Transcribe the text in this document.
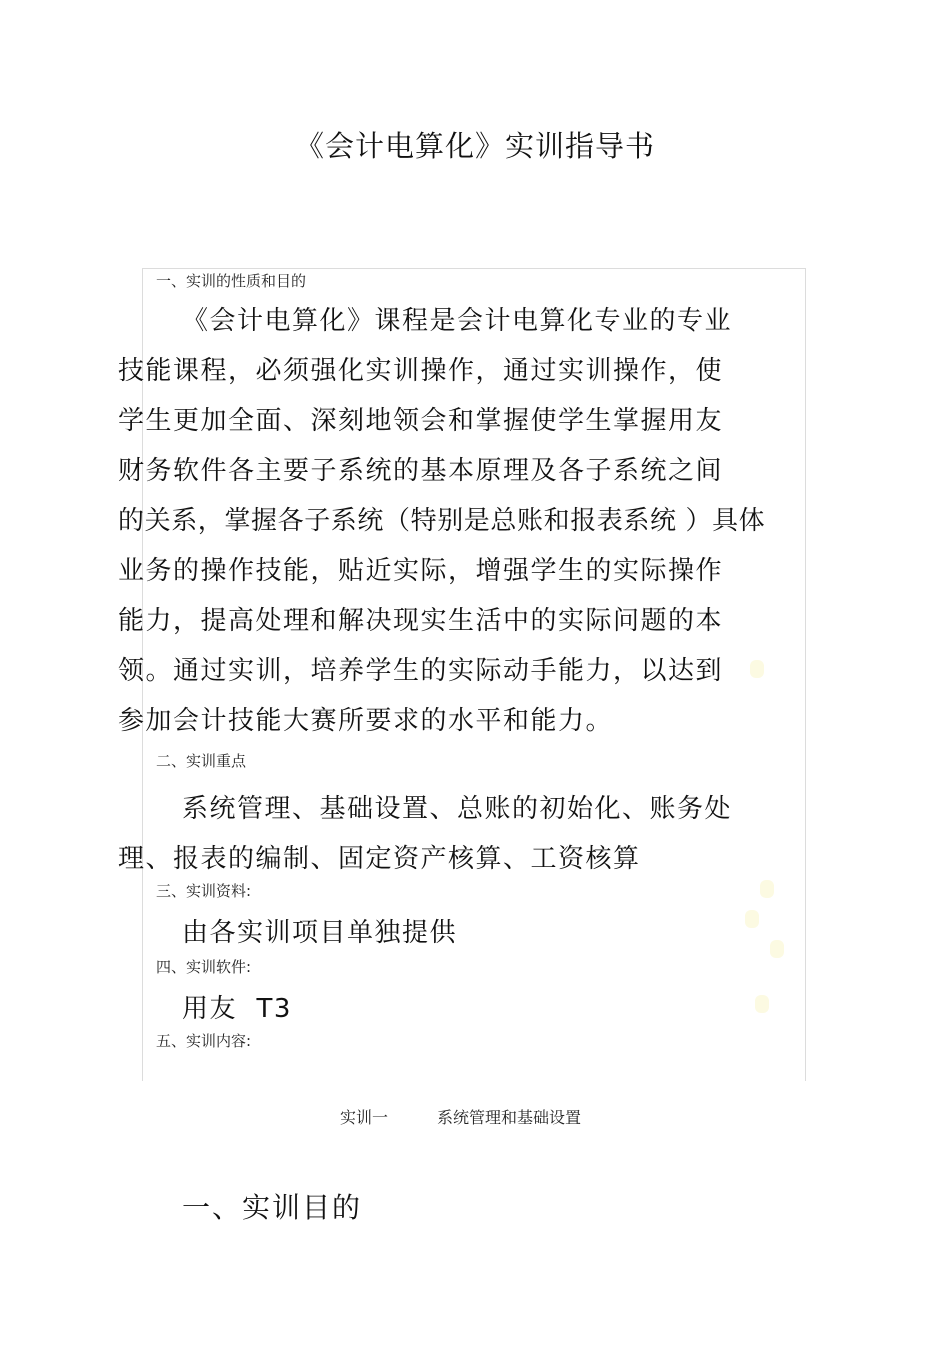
《会计电算化》实训指导书
一、实训的性质和目的
《会计电算化》课程是会计电算化专业的专业
技能课程，必须强化实训操作，通过实训操作，使
学生更加全面、深刻地领会和掌握使学生掌握用友
财务软件各主要子系统的基本原理及各子系统之间
的关系，掌握各子系统（特别是总账和报表系统 ）具体
业务的操作技能，贴近实际，增强学生的实际操作
能力，提高处理和解决现实生活中的实际问题的本
领。通过实训，培养学生的实际动手能力，以达到
参加会计技能大赛所要求的水平和能力。
二、实训重点
系统管理、基础设置、总账的初始化、账务处
理、报表的编制、固定资产核算、工资核算
三、实训资料:
由各实训项目单独提供
四、实训软件:
用友  T3
五、实训内容:
实训一	系统管理和基础设置
一、实训目的
